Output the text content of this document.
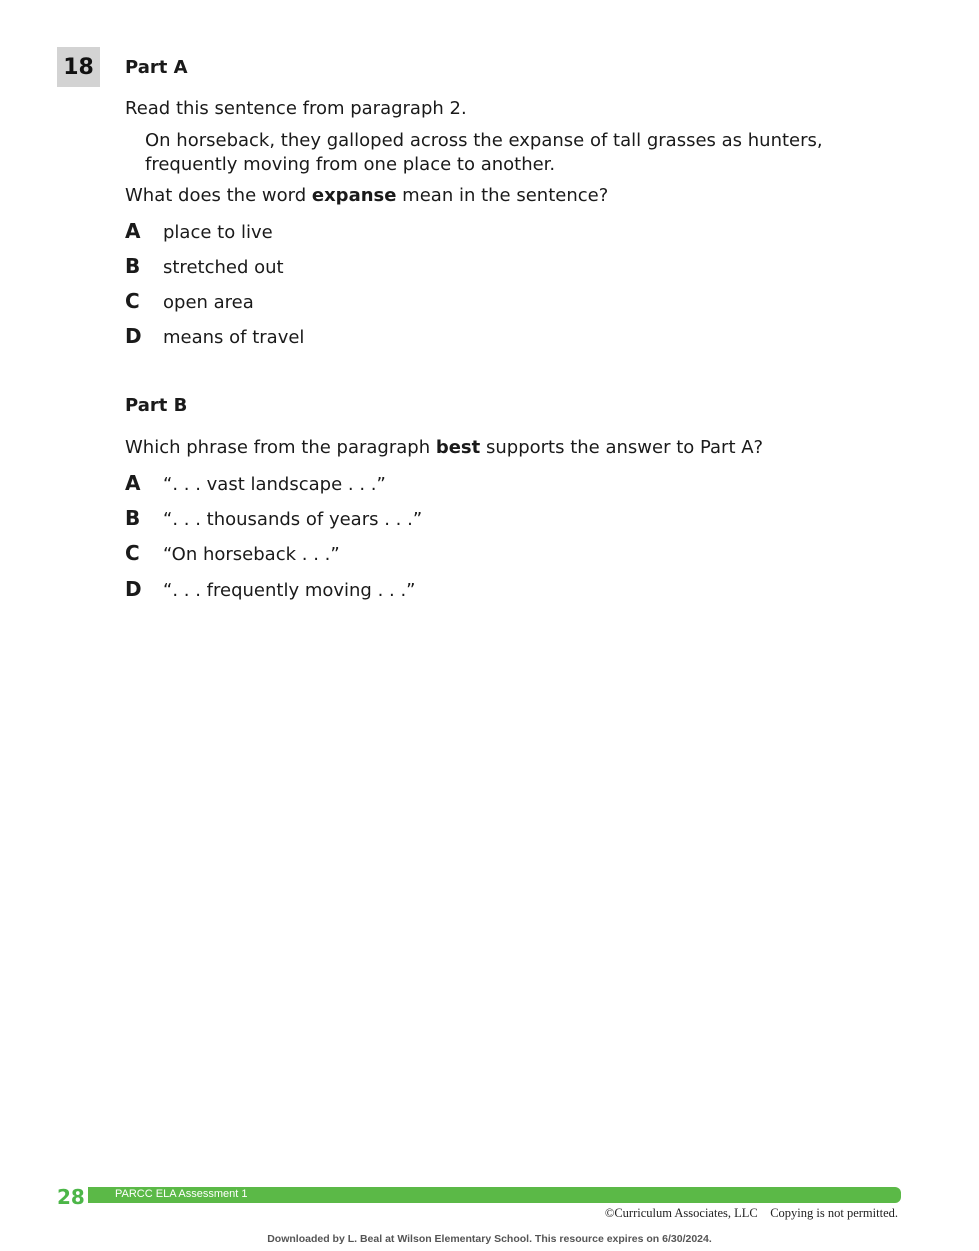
18	Part A
Read this sentence from paragraph 2.
On horseback, they galloped across the expanse of tall grasses as hunters,
frequently moving from one place to another.
What does the word expanse mean in the sentence?
A place to live
B stretched out
C open area
D means of travel
Part B
Which phrase from the paragraph best supports the answer to Part A?
A “. . . vast landscape . . .”
B “. . . thousands of years . . .”
C “On horseback . . .”
D “. . . frequently moving . . .”
28	PARCC ELA Assessment 1
©Curriculum Associates, LLC    Copying is not permitted.
Downloaded by L. Beal at Wilson Elementary School. This resource expires on 6/30/2024.
